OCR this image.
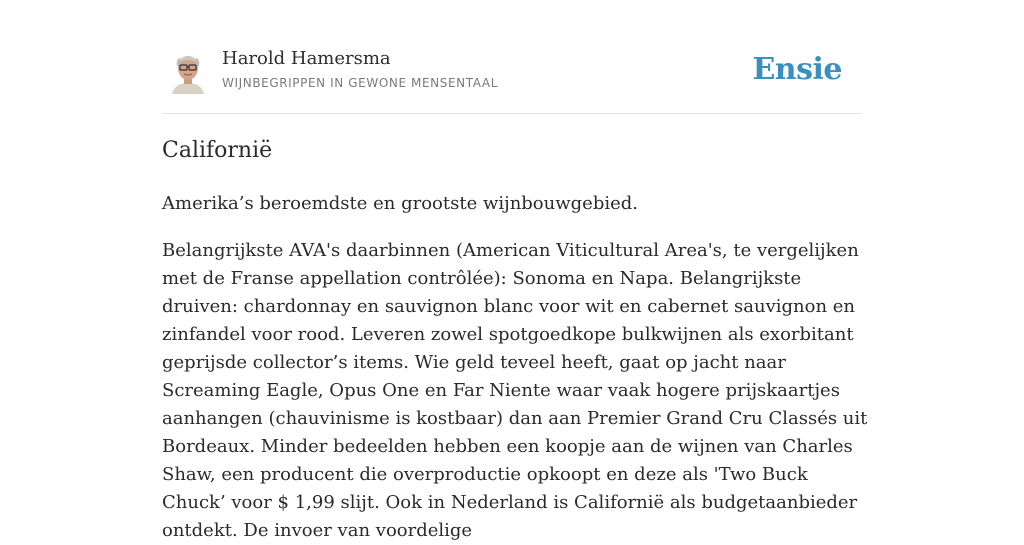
Harold Hamersma
WIJNBEGRIPPEN IN GEWONE MENSENTAAL	Ensie
Californië

Amerika’s beroemdste en grootste wijnbouwgebied.

Belangrijkste AVA's daarbinnen (American Viticultural Area's, te vergelijken met de Franse appellation contrôlée): Sonoma en Napa. Belangrijkste druiven: chardonnay en sauvignon blanc voor wit en cabernet sauvignon en zinfandel voor rood. Leveren zowel spotgoedkope bulkwijnen als exorbitant geprijsde collector’s items. Wie geld teveel heeft, gaat op jacht naar Screaming Eagle, Opus One en Far Niente waar vaak hogere prijskaartjes aanhangen (chauvinisme is kostbaar) dan aan Premier Grand Cru Classés uit Bordeaux. Minder bedeelden hebben een koopje aan de wijnen van Charles Shaw, een producent die overproductie opkoopt en deze als 'Two Buck Chuck’ voor $ 1,99 slijt. Ook in Nederland is Californië als budgetaanbieder ontdekt. De invoer van voordelige
